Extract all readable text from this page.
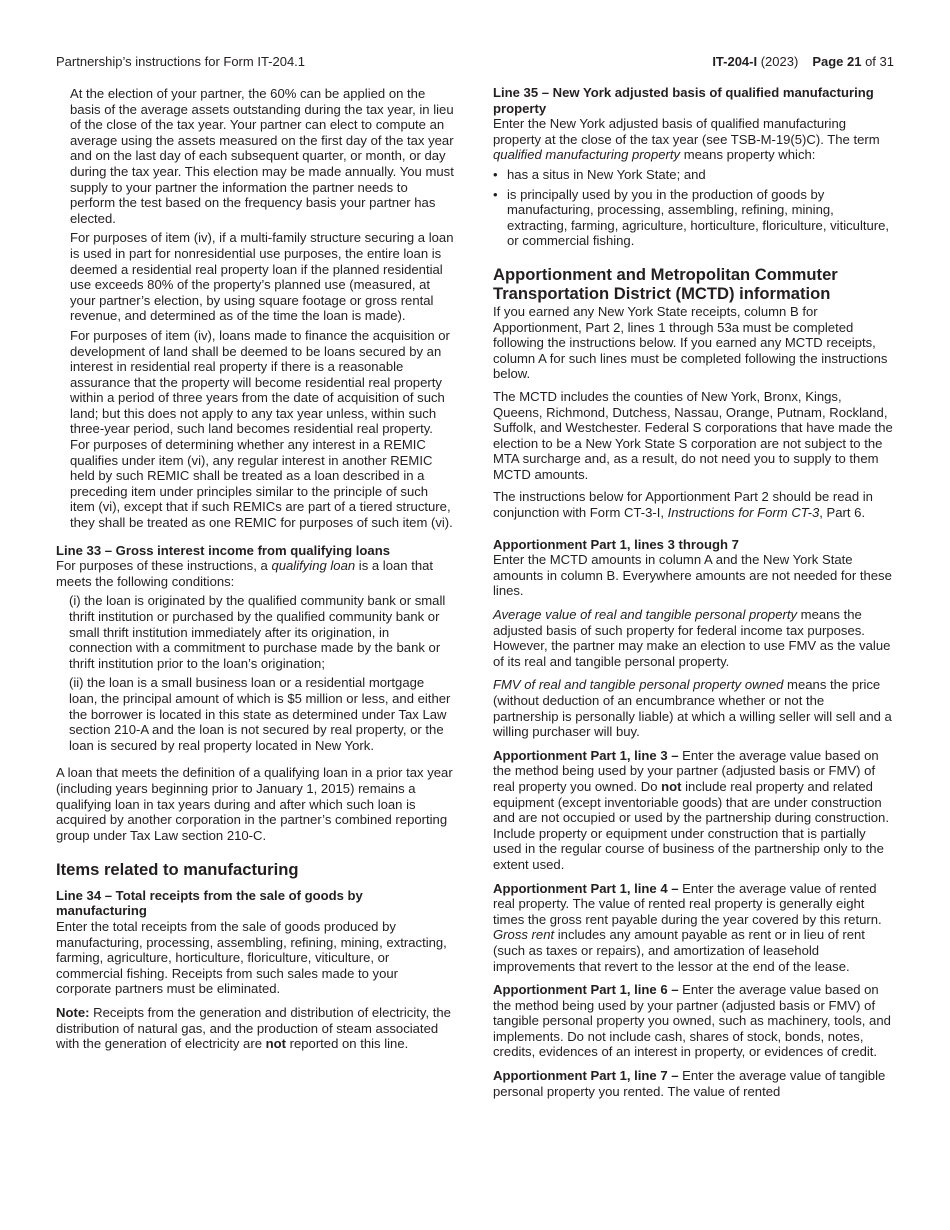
Partnership’s instructions for Form IT-204.1	IT-204-I (2023) Page 21 of 31

At the election of your partner, the 60% can be applied on the basis of the average assets outstanding during the tax year, in lieu of the close of the tax year. Your partner can elect to compute an average using the assets measured on the first day of the tax year and on the last day of each subsequent quarter, or month, or day during the tax year. This election may be made annually. You must supply to your partner the information the partner needs to perform the test based on the frequency basis your partner has elected.

For purposes of item (iv), if a multi-family structure securing a loan is used in part for nonresidential use purposes, the entire loan is deemed a residential real property loan if the planned residential use exceeds 80% of the property’s planned use (measured, at your partner’s election, by using square footage or gross rental revenue, and determined as of the time the loan is made).

For purposes of item (iv), loans made to finance the acquisition or development of land shall be deemed to be loans secured by an interest in residential real property if there is a reasonable assurance that the property will become residential real property within a period of three years from the date of acquisition of such land; but this does not apply to any tax year unless, within such three-year period, such land becomes residential real property. For purposes of determining whether any interest in a REMIC qualifies under item (vi), any regular interest in another REMIC held by such REMIC shall be treated as a loan described in a preceding item under principles similar to the principle of such item (vi), except that if such REMICs are part of a tiered structure, they shall be treated as one REMIC for purposes of such item (vi).

Line 33 – Gross interest income from qualifying loans

For purposes of these instructions, a qualifying loan is a loan that meets the following conditions:

(i) the loan is originated by the qualified community bank or small thrift institution or purchased by the qualified community bank or small thrift institution immediately after its origination, in connection with a commitment to purchase made by the bank or thrift institution prior to the loan’s origination;

(ii) the loan is a small business loan or a residential mortgage loan, the principal amount of which is $5 million or less, and either the borrower is located in this state as determined under Tax Law section 210-A and the loan is not secured by real property, or the loan is secured by real property located in New York.

A loan that meets the definition of a qualifying loan in a prior tax year (including years beginning prior to January 1, 2015) remains a qualifying loan in tax years during and after which such loan is acquired by another corporation in the partner’s combined reporting group under Tax Law section 210-C.

Items related to manufacturing

Line 34 – Total receipts from the sale of goods by manufacturing

Enter the total receipts from the sale of goods produced by manufacturing, processing, assembling, refining, mining, extracting, farming, agriculture, horticulture, floriculture, viticulture, or commercial fishing. Receipts from such sales made to your corporate partners must be eliminated.

Note: Receipts from the generation and distribution of electricity, the distribution of natural gas, and the production of steam associated with the generation of electricity are not reported on this line.

Line 35 – New York adjusted basis of qualified manufacturing property

Enter the New York adjusted basis of qualified manufacturing property at the close of the tax year (see TSB-M-19(5)C). The term qualified manufacturing property means property which:

• has a situs in New York State; and
• is principally used by you in the production of goods by manufacturing, processing, assembling, refining, mining, extracting, farming, agriculture, horticulture, floriculture, viticulture, or commercial fishing.

Apportionment and Metropolitan Commuter Transportation District (MCTD) information

If you earned any New York State receipts, column B for Apportionment, Part 2, lines 1 through 53a must be completed following the instructions below. If you earned any MCTD receipts, column A for such lines must be completed following the instructions below.

The MCTD includes the counties of New York, Bronx, Kings, Queens, Richmond, Dutchess, Nassau, Orange, Putnam, Rockland, Suffolk, and Westchester. Federal S corporations that have made the election to be a New York State S corporation are not subject to the MTA surcharge and, as a result, do not need you to supply to them MCTD amounts.

The instructions below for Apportionment Part 2 should be read in conjunction with Form CT-3-I, Instructions for Form CT-3, Part 6.

Apportionment Part 1, lines 3 through 7

Enter the MCTD amounts in column A and the New York State amounts in column B. Everywhere amounts are not needed for these lines.

Average value of real and tangible personal property means the adjusted basis of such property for federal income tax purposes. However, the partner may make an election to use FMV as the value of its real and tangible personal property.

FMV of real and tangible personal property owned means the price (without deduction of an encumbrance whether or not the partnership is personally liable) at which a willing seller will sell and a willing purchaser will buy.

Apportionment Part 1, line 3 – Enter the average value based on the method being used by your partner (adjusted basis or FMV) of real property you owned. Do not include real property and related equipment (except inventoriable goods) that are under construction and are not occupied or used by the partnership during construction. Include property or equipment under construction that is partially used in the regular course of business of the partnership only to the extent used.

Apportionment Part 1, line 4 – Enter the average value of rented real property. The value of rented real property is generally eight times the gross rent payable during the year covered by this return. Gross rent includes any amount payable as rent or in lieu of rent (such as taxes or repairs), and amortization of leasehold improvements that revert to the lessor at the end of the lease.

Apportionment Part 1, line 6 – Enter the average value based on the method being used by your partner (adjusted basis or FMV) of tangible personal property you owned, such as machinery, tools, and implements. Do not include cash, shares of stock, bonds, notes, credits, evidences of an interest in property, or evidences of credit.

Apportionment Part 1, line 7 – Enter the average value of tangible personal property you rented. The value of rented
